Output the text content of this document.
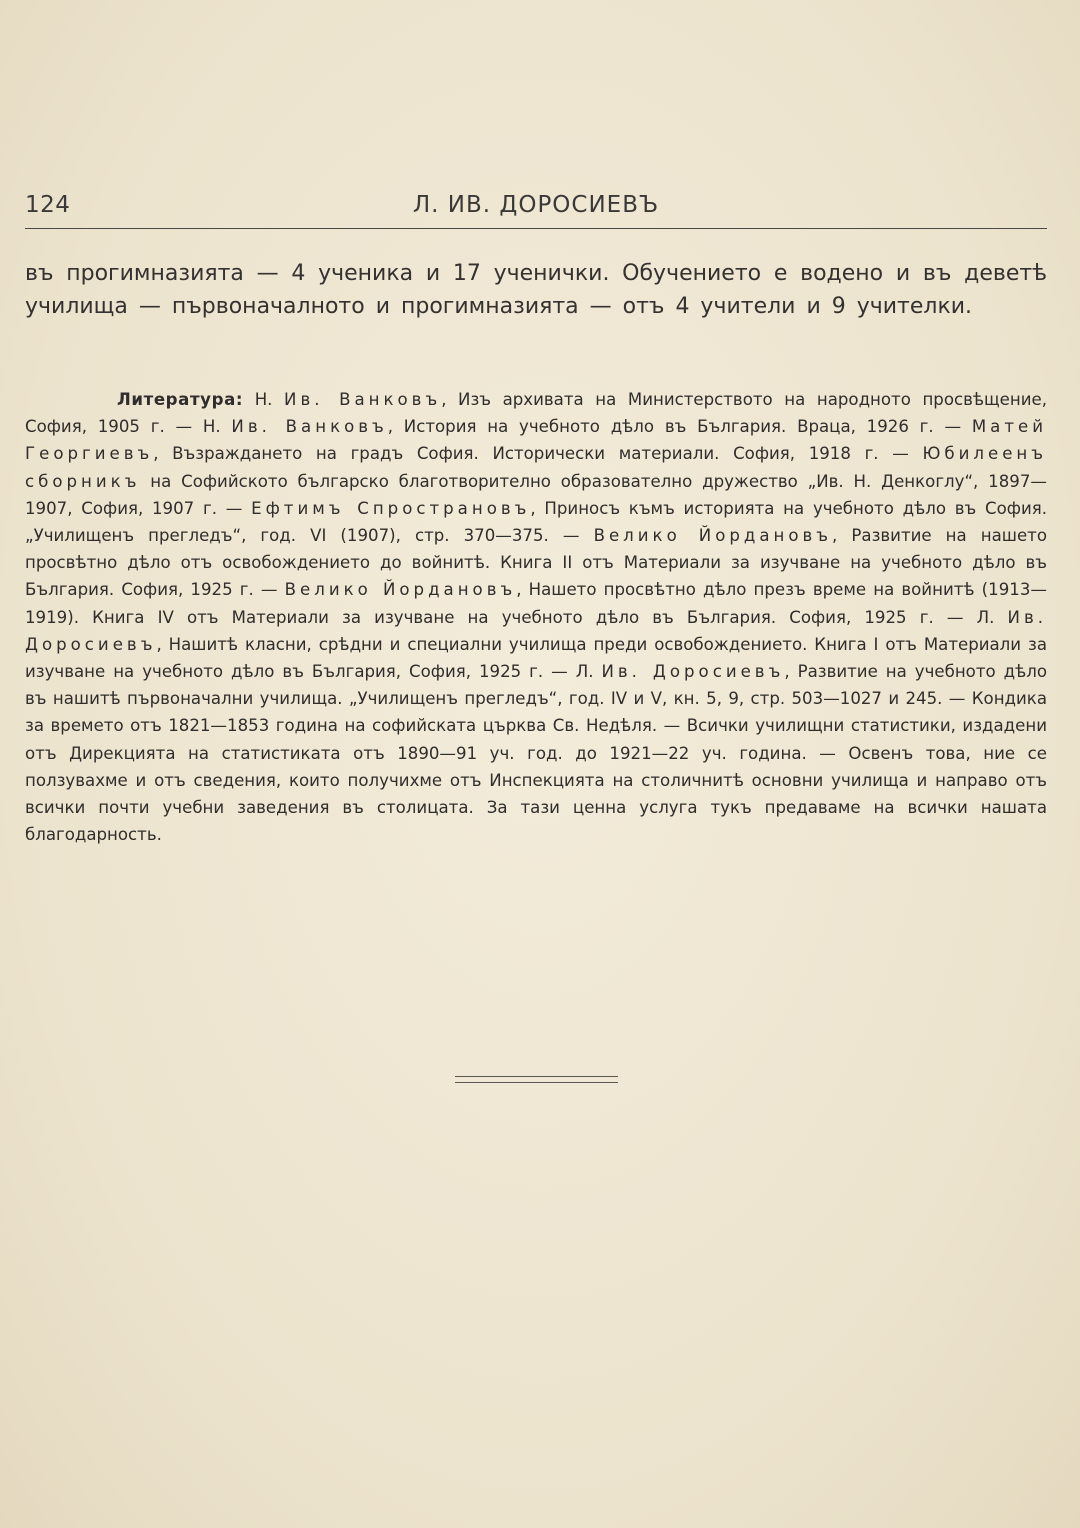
124	Л. ИВ. ДОРОСИЕВЪ

въ прогимназията — 4 ученика и 17 ученички. Обучението е водено и въ деветѣ училища — първоначалното и прогимназията — отъ 4 учители и 9 учителки.

Литература: Н. Ив. Ванковъ, Изъ архивата на Министерството на народното просвѣщение, София, 1905 г. — Н. Ив. Ванковъ, История на учебното дѣло въ България. Враца, 1926 г. — Матей Георгиевъ, Възраждането на градъ София. Исторически материали. София, 1918 г. — Юбилеенъ сборникъ на Софийското българско благотворително образователно дружество „Ив. Н. Денкоглу“, 1897—1907, София, 1907 г. — Ефтимъ Спространовъ, Приносъ къмъ историята на учебното дѣло въ София. „Училищенъ прегледъ“, год. VI (1907), стр. 370—375. — Велико Йордановъ, Развитие на нашето просвѣтно дѣло отъ освобождението до войнитѣ. Книга II отъ Материали за изучване на учебното дѣло въ България. София, 1925 г. — Велико Йордановъ, Нашето просвѣтно дѣло презъ време на войнитѣ (1913—1919). Книга IV отъ Материали за изучване на учебното дѣло въ България. София, 1925 г. — Л. Ив. Доросиевъ, Нашитѣ класни, срѣдни и специални училища преди освобождението. Книга I отъ Материали за изучване на учебното дѣло въ България, София, 1925 г. — Л. Ив. Доросиевъ, Развитие на учебното дѣло въ нашитѣ първоначални училища. „Училищенъ прегледъ“, год. IV и V, кн. 5, 9, стр. 503—1027 и 245. — Кондика за времето отъ 1821—1853 година на софийската църква Св. Недѣля. — Всички училищни статистики, издадени отъ Дирекцията на статистиката отъ 1890—91 уч. год. до 1921—22 уч. година. — Освенъ това, ние се ползувахме и отъ сведения, които получихме отъ Инспекцията на столичнитѣ основни училища и направо отъ всички почти учебни заведения въ столицата. За тази ценна услуга тукъ предаваме на всички нашата благодарность.
